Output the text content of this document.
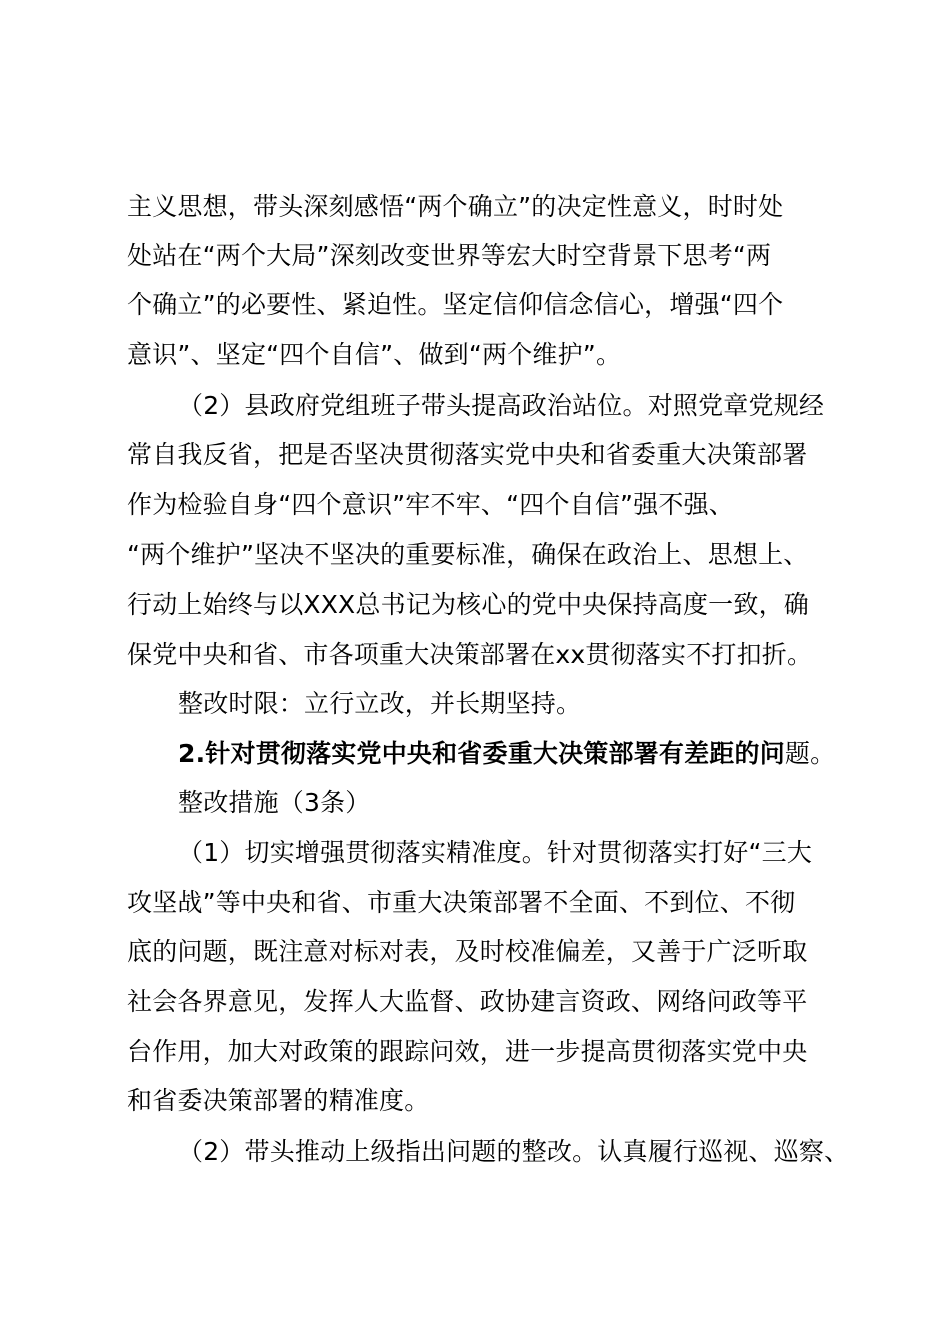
主义思想，带头深刻感悟“两个确立”的决定性意义，时时处
处站在“两个大局”深刻改变世界等宏大时空背景下思考“两
个确立”的必要性、紧迫性。坚定信仰信念信心，增强“四个
意识”、坚定“四个自信”、做到“两个维护”。
（2）县政府党组班子带头提高政治站位。对照党章党规经
常自我反省，把是否坚决贯彻落实党中央和省委重大决策部署
作为检验自身“四个意识”牢不牢、“四个自信”强不强、
“两个维护”坚决不坚决的重要标准，确保在政治上、思想上、
行动上始终与以XXX总书记为核心的党中央保持高度一致，确
保党中央和省、市各项重大决策部署在xx贯彻落实不打扣折。
整改时限：立行立改，并长期坚持。
2.针对贯彻落实党中央和省委重大决策部署有差距的问题。
整改措施（3条）
（1）切实增强贯彻落实精准度。针对贯彻落实打好“三大
攻坚战”等中央和省、市重大决策部署不全面、不到位、不彻
底的问题，既注意对标对表，及时校准偏差，又善于广泛听取
社会各界意见，发挥人大监督、政协建言资政、网络问政等平
台作用，加大对政策的跟踪问效，进一步提高贯彻落实党中央
和省委决策部署的精准度。
（2）带头推动上级指出问题的整改。认真履行巡视、巡察、
